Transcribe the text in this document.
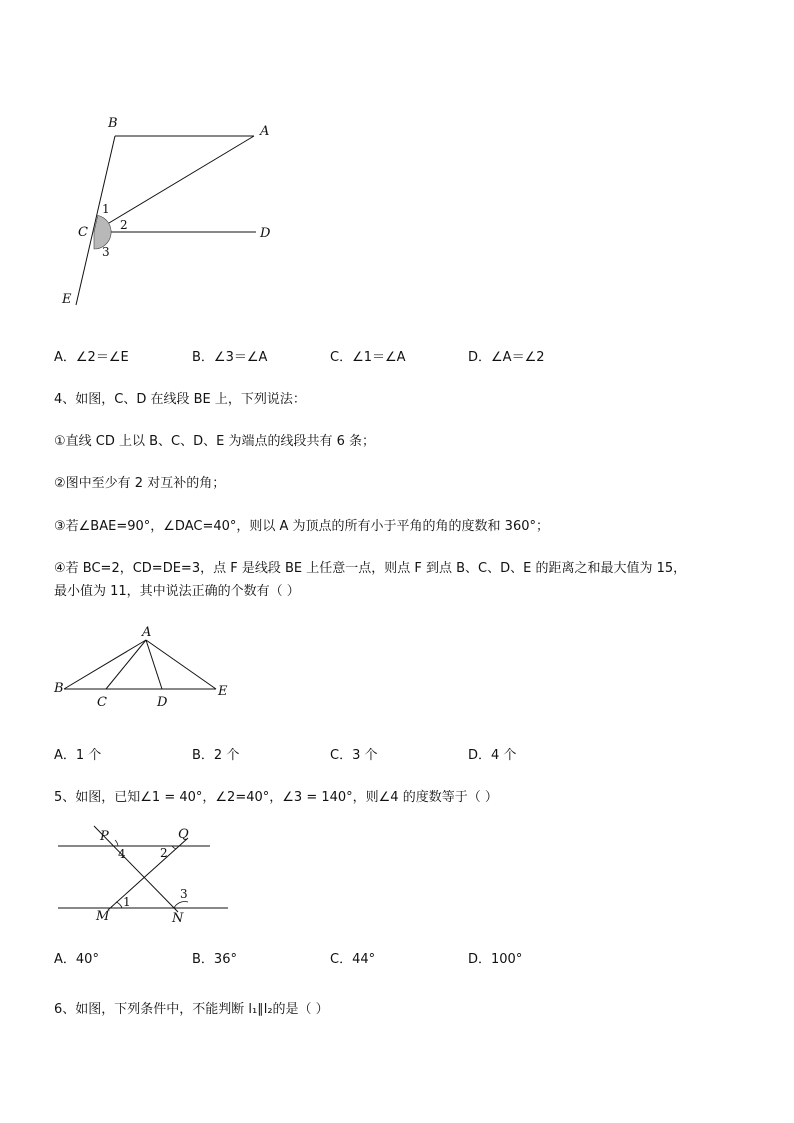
B
A
C	D
E
1
2
3
A．∠2＝∠E	B．∠3＝∠A	C．∠1＝∠A	D．∠A＝∠2
4、如图，C、D 在线段 BE 上，下列说法：
①直线 CD 上以 B、C、D、E 为端点的线段共有 6 条；
②图中至少有 2 对互补的角；
③若∠BAE=90°，∠DAC=40°，则以 A 为顶点的所有小于平角的角的度数和 360°；
④若 BC=2，CD=DE=3，点 F 是线段 BE 上任意一点，则点 F 到点 B、C、D、E 的距离之和最大值为 15，
最小值为 11，其中说法正确的个数有（ ）
A
B
C	D
E
A．1 个	B．2 个	C．3 个	D．4 个
5、如图，已知∠1 = 40°，∠2=40°，∠3 = 140°，则∠4 的度数等于（ ）
P	Q
M	N
4	2
1
3
A．40°	B．36°	C．44°	D．100°
6、如图，下列条件中，不能判断 l₁∥l₂的是（ ）
